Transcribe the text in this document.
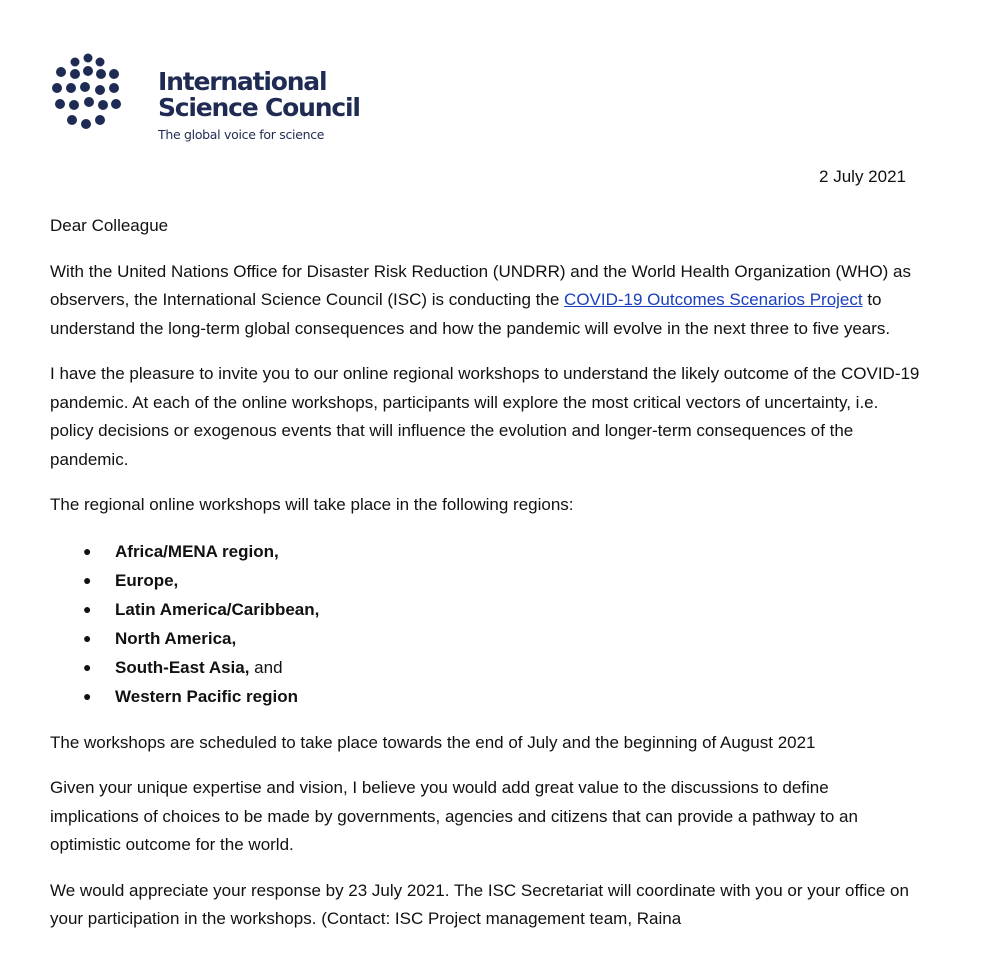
International
Science Council
The global voice for science
2 July 2021

Dear Colleague

With the United Nations Office for Disaster Risk Reduction (UNDRR) and the World Health Organization (WHO) as observers, the International Science Council (ISC) is conducting the COVID-19 Outcomes Scenarios Project to understand the long-term global consequences and how the pandemic will evolve in the next three to five years.

I have the pleasure to invite you to our online regional workshops to understand the likely outcome of the COVID-19 pandemic. At each of the online workshops, participants will explore the most critical vectors of uncertainty, i.e. policy decisions or exogenous events that will influence the evolution and longer-term consequences of the pandemic.

The regional online workshops will take place in the following regions:

● Africa/MENA region,
● Europe,
● Latin America/Caribbean,
● North America,
● South-East Asia, and
● Western Pacific region

The workshops are scheduled to take place towards the end of July and the beginning of August 2021

Given your unique expertise and vision, I believe you would add great value to the discussions to define implications of choices to be made by governments, agencies and citizens that can provide a pathway to an optimistic outcome for the world.

We would appreciate your response by 23 July 2021. The ISC Secretariat will coordinate with you or your office on your participation in the workshops. (Contact: ISC Project management team, Raina
